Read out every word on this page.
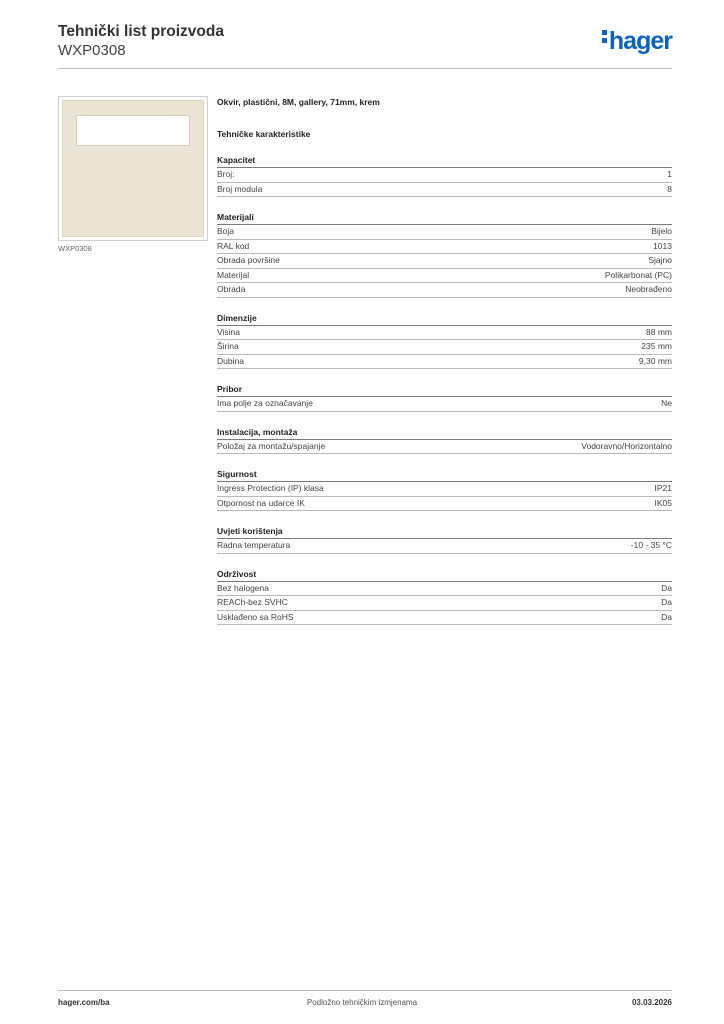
Tehnički list proizvoda
WXP0308	hager
WXP0308
Okvir, plastični, 8M, gallery, 71mm, krem
Tehničke karakteristike
Kapacitet
Broj:	1
Broj modula	8
Materijali
Boja	Bijelo
RAL kod	1013
Obrada površine	Sjajno
Materijal	Polikarbonat (PC)
Obrada	Neobrađeno
Dimenzije
Visina	88 mm
Širina	235 mm
Dubina	9,30 mm
Pribor
Ima polje za označavanje	Ne
Instalacija, montaža
Položaj za montažu/spajanje	Vodoravno/Horizontalno
Sigurnost
Ingress Protection (IP) klasa	IP21
Otpornost na udarce IK	IK05
Uvjeti korištenja
Radna temperatura	-10 - 35 °C
Održivost
Bez halogena	Da
REACh-bez SVHC	Da
Usklađeno sa RoHS	Da
hager.com/ba	Podložno tehničkim izmjenama	03.03.2026
